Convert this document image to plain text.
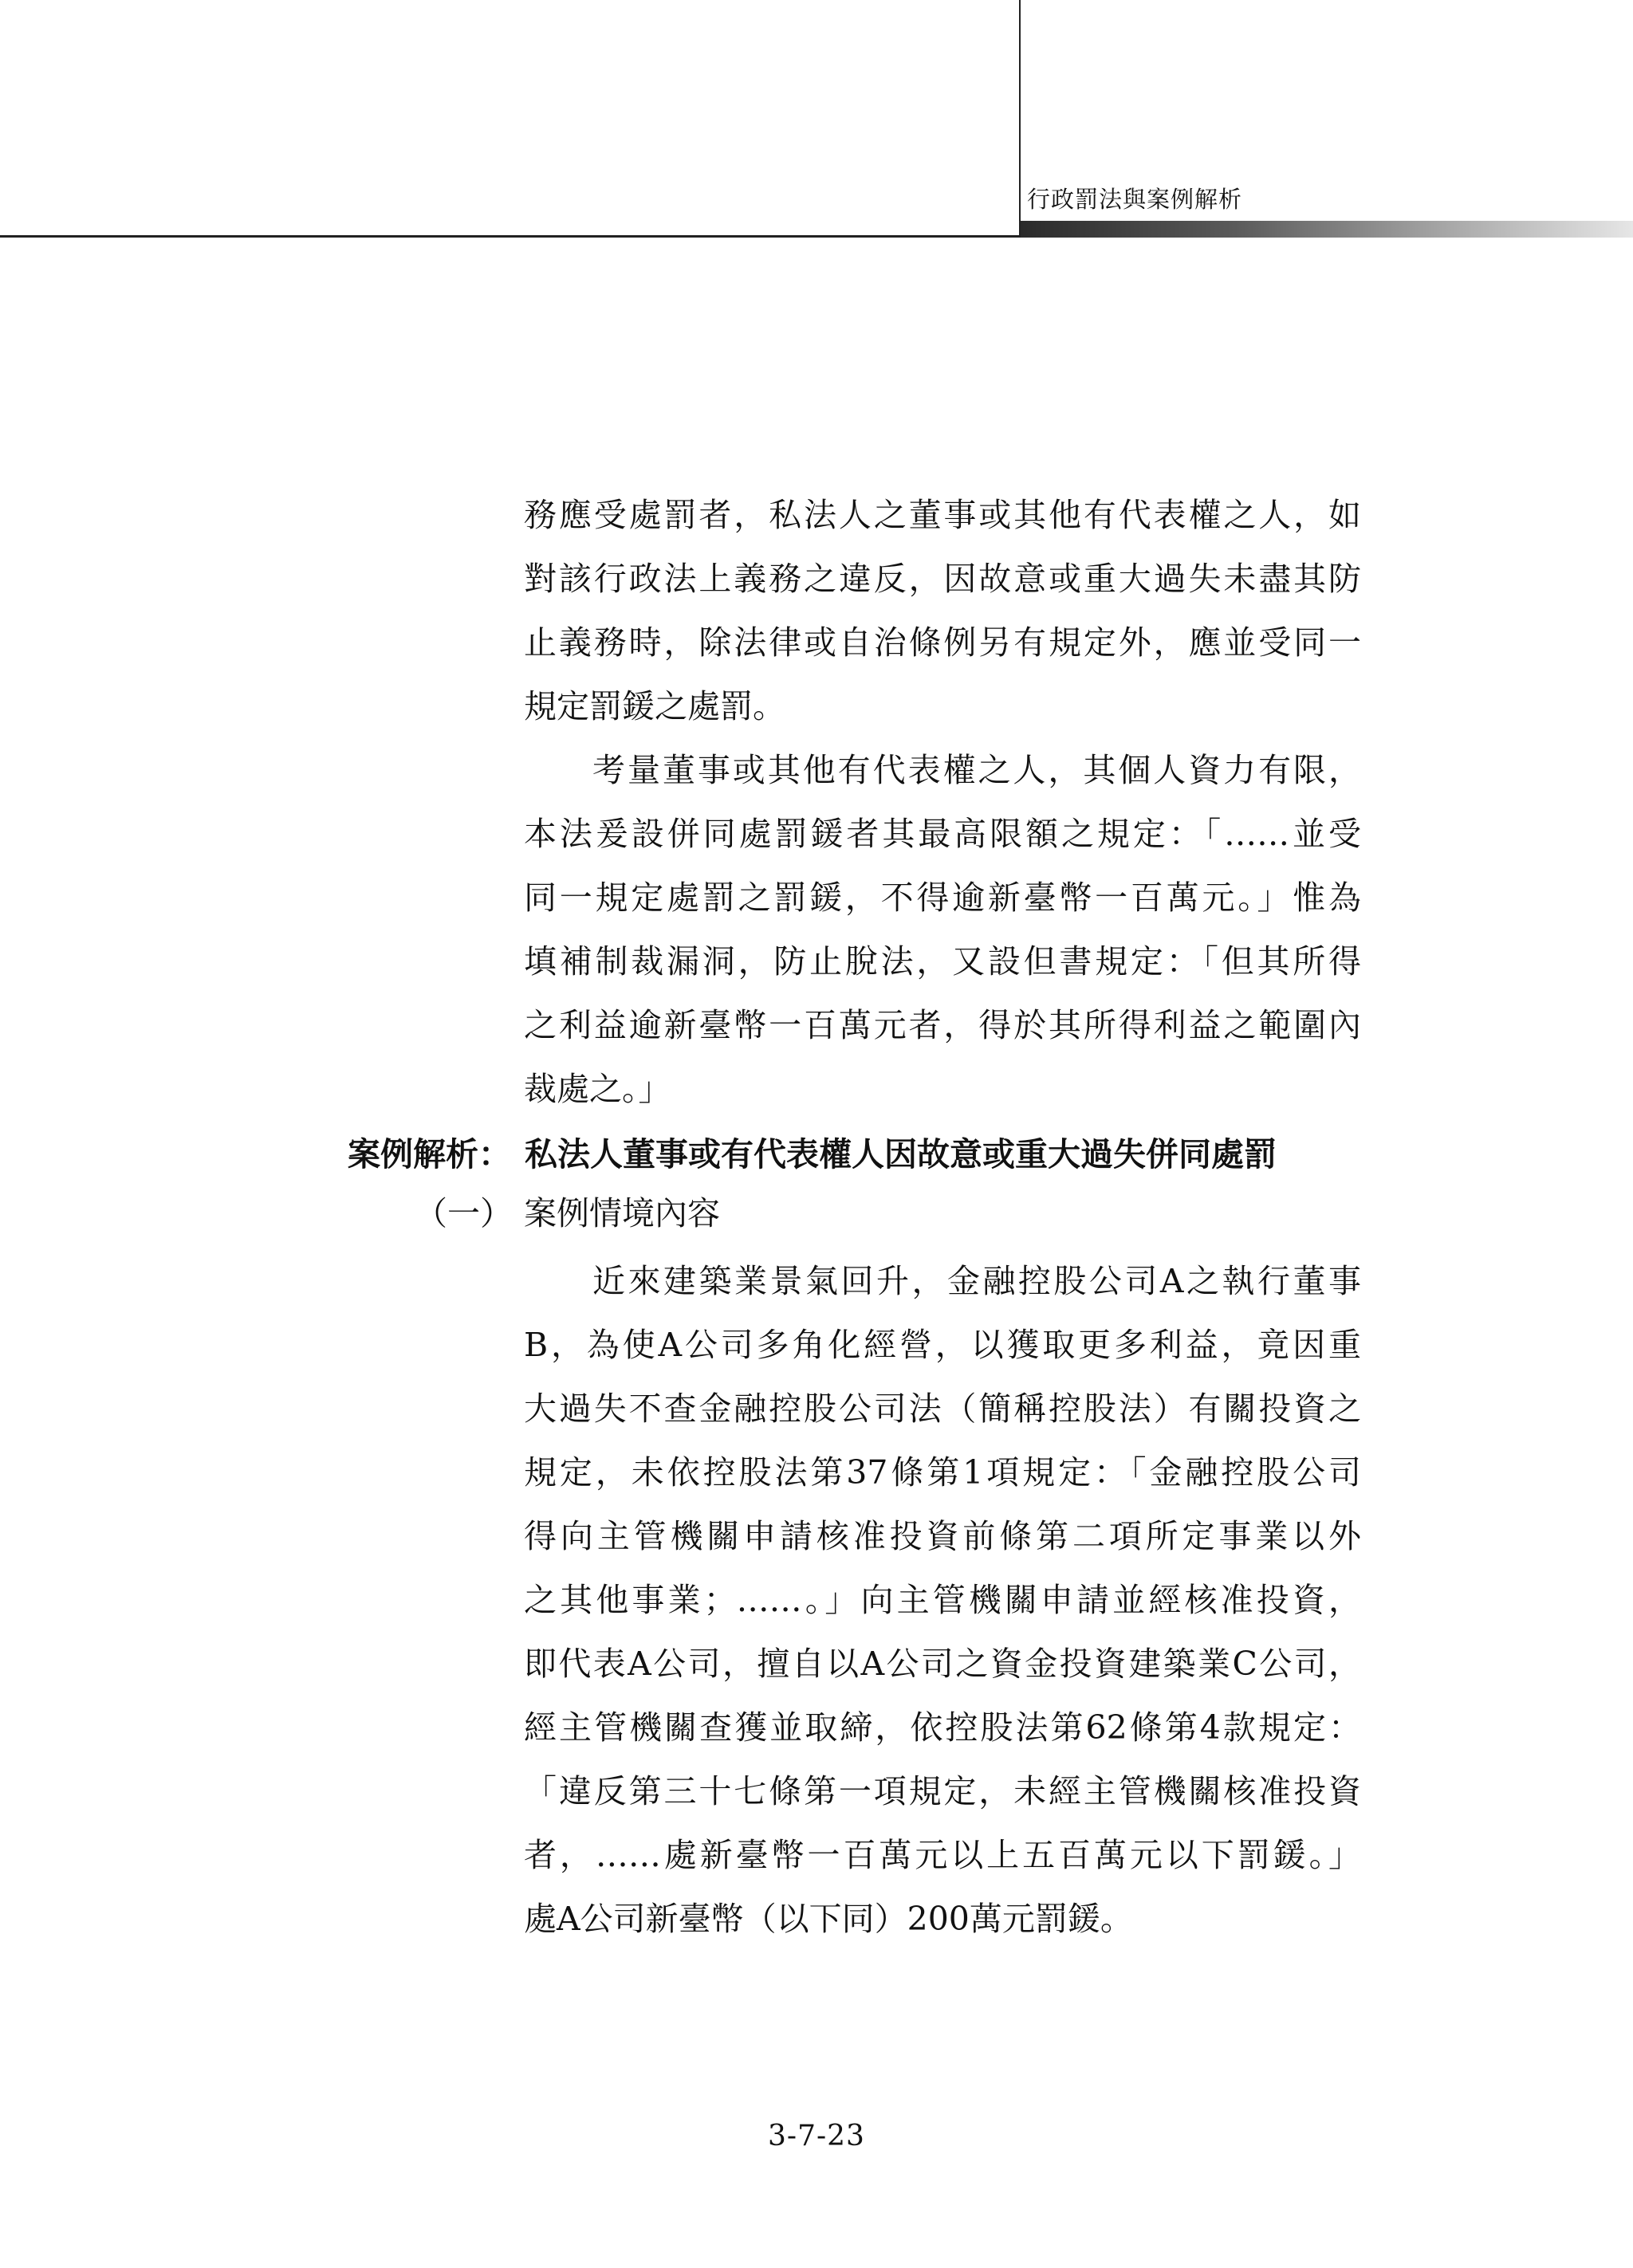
行政罰法與案例解析
務應受處罰者，私法人之董事或其他有代表權之人，如
對該行政法上義務之違反，因故意或重大過失未盡其防
止義務時，除法律或自治條例另有規定外，應並受同一
規定罰鍰之處罰。
考量董事或其他有代表權之人，其個人資力有限，
本法爰設併同處罰鍰者其最高限額之規定：「……並受
同一規定處罰之罰鍰，不得逾新臺幣一百萬元。」惟為
填補制裁漏洞，防止脫法，又設但書規定：「但其所得
之利益逾新臺幣一百萬元者，得於其所得利益之範圍內
裁處之。」
案例解析： 私法人董事或有代表權人因故意或重大過失併同處罰
（一） 案例情境內容
近來建築業景氣回升，金融控股公司A之執行董事
B，為使A公司多角化經營，以獲取更多利益，竟因重
大過失不查金融控股公司法（簡稱控股法）有關投資之
規定，未依控股法第37條第1項規定：「金融控股公司
得向主管機關申請核准投資前條第二項所定事業以外
之其他事業；……。」向主管機關申請並經核准投資，
即代表A公司，擅自以A公司之資金投資建築業C公司，
經主管機關查獲並取締，依控股法第62條第4款規定：
「違反第三十七條第一項規定，未經主管機關核准投資
者，……處新臺幣一百萬元以上五百萬元以下罰鍰。」
處A公司新臺幣（以下同）200萬元罰鍰。
3-7-23
